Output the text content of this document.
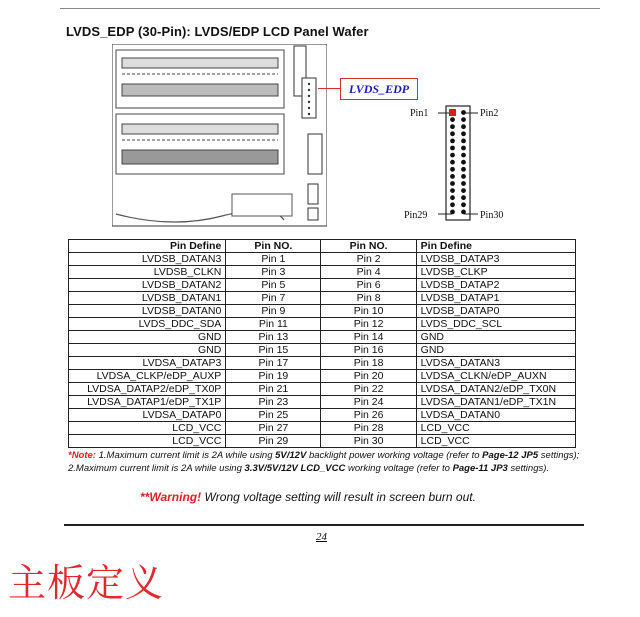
LVDS_EDP (30-Pin): LVDS/EDP LCD Panel Wafer
LVDS_EDP
Pin1	Pin2
Pin29	Pin30
Pin Define	Pin NO.	Pin NO.	Pin Define
LVDSB_DATAN3	Pin 1	Pin 2	LVDSB_DATAP3
LVDSB_CLKN	Pin 3	Pin 4	LVDSB_CLKP
LVDSB_DATAN2	Pin 5	Pin 6	LVDSB_DATAP2
LVDSB_DATAN1	Pin 7	Pin 8	LVDSB_DATAP1
LVDSB_DATAN0	Pin 9	Pin 10	LVDSB_DATAP0
LVDS_DDC_SDA	Pin 11	Pin 12	LVDS_DDC_SCL
GND	Pin 13	Pin 14	GND
GND	Pin 15	Pin 16	GND
LVDSA_DATAP3	Pin 17	Pin 18	LVDSA_DATAN3
LVDSA_CLKP/eDP_AUXP	Pin 19	Pin 20	LVDSA_CLKN/eDP_AUXN
LVDSA_DATAP2/eDP_TX0P	Pin 21	Pin 22	LVDSA_DATAN2/eDP_TX0N
LVDSA_DATAP1/eDP_TX1P	Pin 23	Pin 24	LVDSA_DATAN1/eDP_TX1N
LVDSA_DATAP0	Pin 25	Pin 26	LVDSA_DATAN0
LCD_VCC	Pin 27	Pin 28	LCD_VCC
LCD_VCC	Pin 29	Pin 30	LCD_VCC
*Note: 1.Maximum current limit is 2A while using 5V/12V backlight power working voltage (refer to Page-12 JP5 settings); 2.Maximum current limit is 2A while using 3.3V/5V/12V LCD_VCC working voltage (refer to Page-11 JP3 settings).
**Warning! Wrong voltage setting will result in screen burn out.
24
主板定义
